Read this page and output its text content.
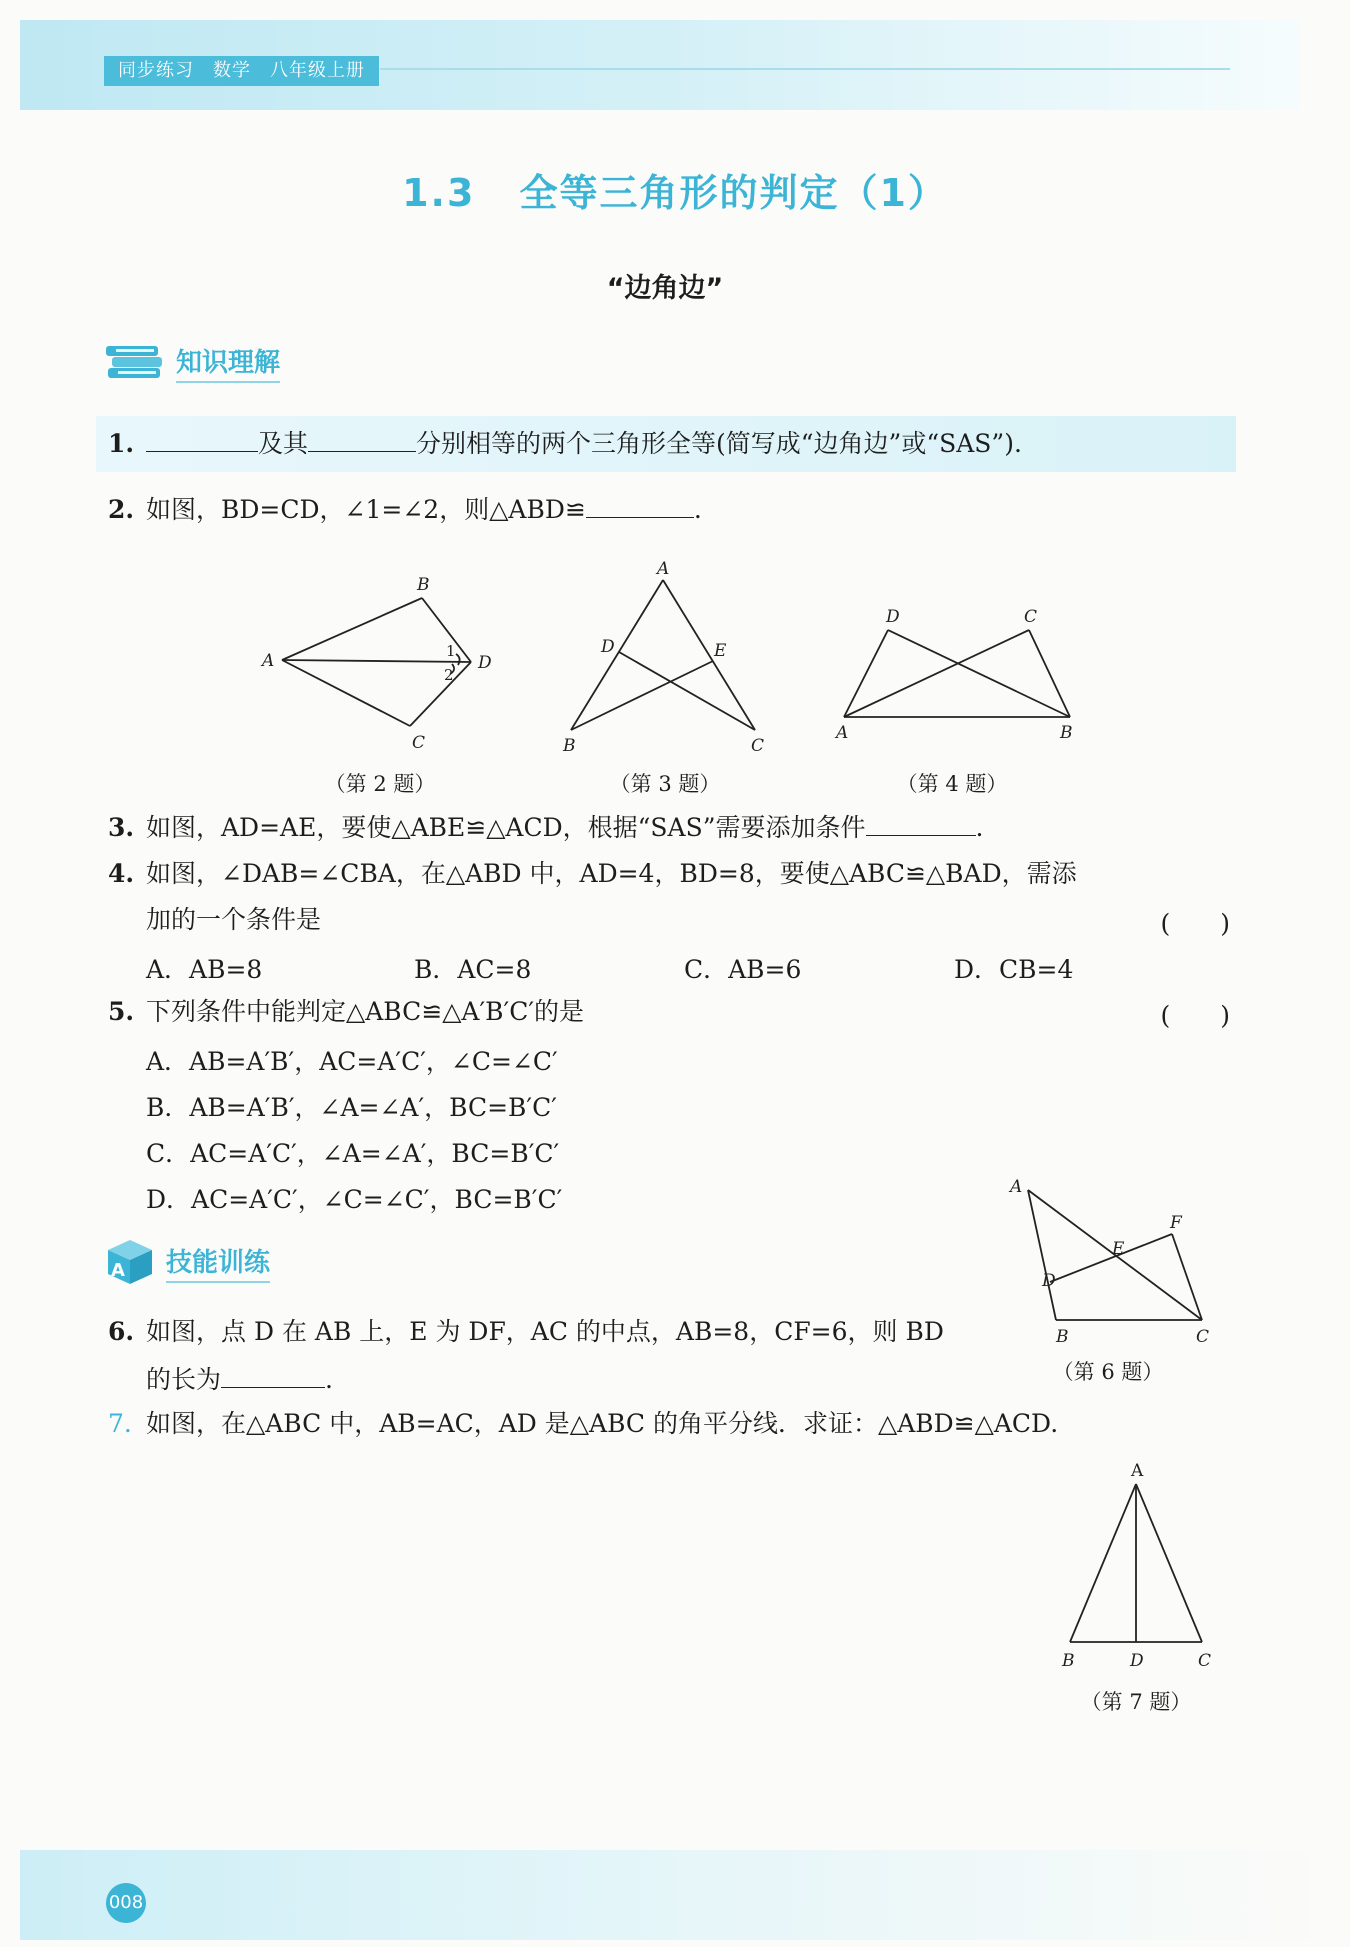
同步练习　数学　八年级上册
1.3 全等三角形的判定（1）
“边角边”
知识理解
1.	及其	分别相等的两个三角形全等(简写成“边角边”或“SAS”).
2. 如图，BD=CD，∠1=∠2，则△ABD≌	.
A
B
C
D
1
2
（第 2 题）
A
B	C
D	E
（第 3 题）
A	B
C
D
（第 4 题）
3. 如图，AD=AE，要使△ABE≌△ACD，根据“SAS”需要添加条件	.
4. 如图，∠DAB=∠CBA，在△ABD 中，AD=4，BD=8，要使△ABC≌△BAD，需添
加的一个条件是	(　　)
A．AB=8	B．AC=8	C．AB=6	D．CB=4
5. 下列条件中能判定△ABC≌△A′B′C′的是	(　　)
A．AB=A′B′，AC=A′C′，∠C=∠C′
B．AB=A′B′，∠A=∠A′，BC=B′C′
C．AC=A′C′，∠A=∠A′，BC=B′C′
D．AC=A′C′，∠C=∠C′，BC=B′C′	A
B	C
D
E
F
（第 6 题）
A 技能训练
6. 如图，点 D 在 AB 上，E 为 DF，AC 的中点，AB=8，CF=6，则 BD
的长为	.
7. 如图，在△ABC 中，AB=AC，AD 是△ABC 的角平分线．求证：△ABD≌△ACD.
A
B	D	C
（第 7 题）
008
